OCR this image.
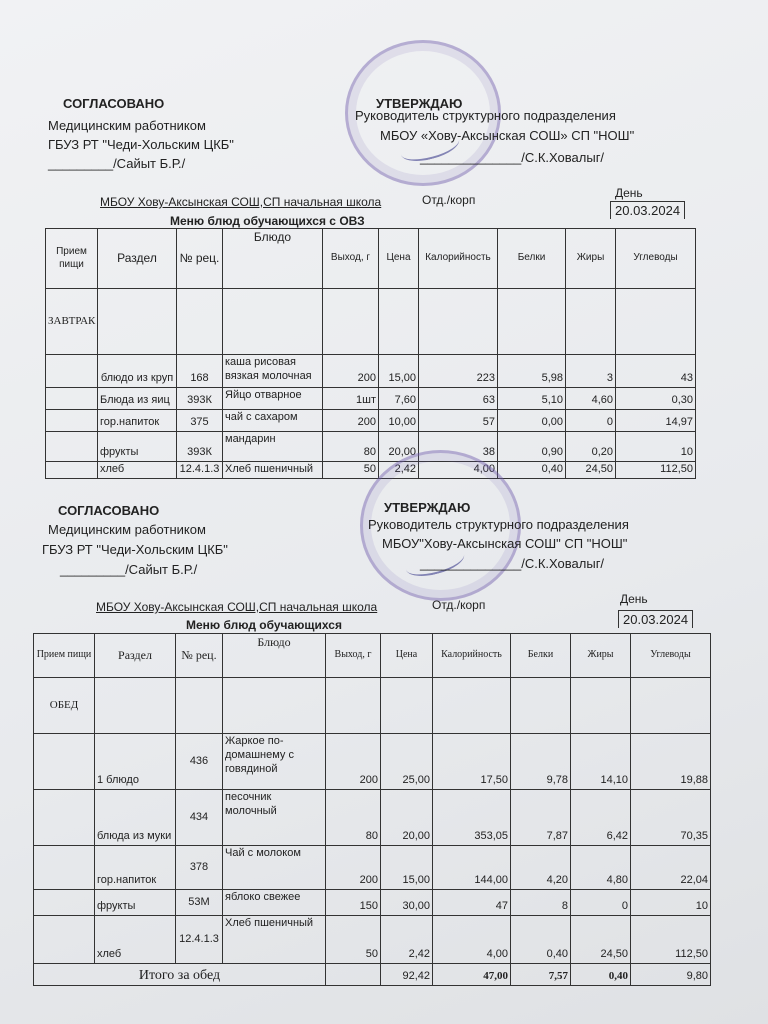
СОГЛАСОВАНО
Медицинским работником
ГБУЗ РТ "Чеди-Хольским ЦКБ"
_________/Сайыт Б.Р./
УТВЕРЖДАЮ
Руководитель структурного подразделения
МБОУ «Хову-Аксынская СОШ» СП "НОШ"
______________/С.К.Ховалыг/
МБОУ Хову-Аксынская СОШ,СП начальная школа	Отд./корп	День
20.03.2024
Меню блюд обучающихся с ОВЗ
Прием пищи	Раздел	№ рец.	Блюдо	Выход, г	Цена	Калорийность	Белки	Жиры	Углеводы
ЗАВТРАК									
	блюдо из круп	168	каша рисовая вязкая молочная	200	15,00	223	5,98	3	43
	Блюда из яиц	393К	Яйцо отварное	1шт	7,60	63	5,10	4,60	0,30
	гор.напиток	375	чай с сахаром	200	10,00	57	0,00	0	14,97
	фрукты	393К	мандарин	80	20,00	38	0,90	0,20	10
	хлеб	12.4.1.3	Хлеб пшеничный	50	2,42	4,00	0,40	24,50	112,50
СОГЛАСОВАНО
Медицинским работником
ГБУЗ РТ "Чеди-Хольским ЦКБ"
_________/Сайыт Б.Р./
УТВЕРЖДАЮ
Руководитель структурного подразделения
МБОУ"Хову-Аксынская СОШ" СП "НОШ"
______________/С.К.Ховалыг/
МБОУ Хову-Аксынская СОШ,СП начальная школа	Отд./корп	День
20.03.2024
Меню блюд обучающихся
Прием пищи	Раздел	№ рец.	Блюдо	Выход, г	Цена	Калорийность	Белки	Жиры	Углеводы
ОБЕД									
	1 блюдо	436	Жаркое по-домашнему с говядиной	200	25,00	17,50	9,78	14,10	19,88
	блюда из муки	434	песочник молочный	80	20,00	353,05	7,87	6,42	70,35
	гор.напиток	378	Чай с молоком	200	15,00	144,00	4,20	4,80	22,04
	фрукты	53М	яблоко свежее	150	30,00	47	8	0	10
	хлеб	12.4.1.3	Хлеб пшеничный	50	2,42	4,00	0,40	24,50	112,50
Итого за обед					92,42	47,00	7,57	0,40	9,80
